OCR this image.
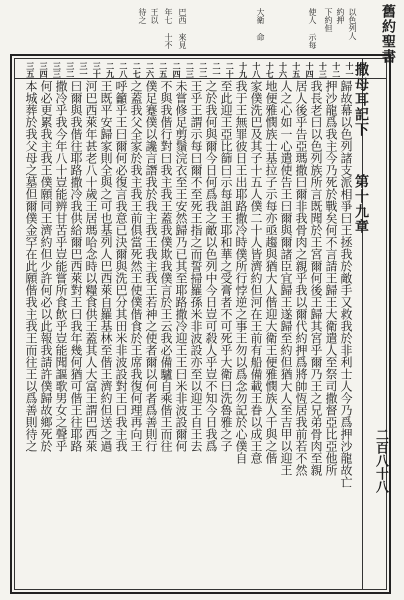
舊約聖書
撒母耳記下
第十九章
二百八十八
以色列人
約押
下約但
使人 示每
大衛 命
巴西 來見
年七 十不
王以
待之
十一
十二
十三
十四
十五
十六
十七
十八
十九
二十
二一
二二
二三
二四
二五
二六
二七
二八
二九
三十
三一
三二
三三
三四
三五
歸故幕以色列諸支派相爭曰王拯我於敵手又救我於非利士人今乃爲押沙龍故亡
押沙龍爲我主今乃死於戰矣何不言請王歸王大衛遣人至祭司撒督亞比亞他所
我長老曰以色列族所言既聞於王宮爾何後王歸其宮乎爾乃王之兄弟骨肉至親
居人後乎告亞瑪撒曰爾非我骨肉之親乎我以爾代約押爲將帥恆居我前若不然
人之心如一心遣使告王曰爾與爾諸臣宜歸王遂歸至約但猶大人至吉甲以迎王
地便雅憫族士基拉子示每亦亟趨與猶大人偕迎大衛王便雅憫族人千與之偕
家僕洗巴及其子十五人僕二十人皆濟約但河在王前有船備載王眷以成王意
我于王無罪彼日王出耶路撒冷時僕所行悖逆之事王勿以爲念勿記於心僕自
至此迎王亞比篩曰示每詛王耶和華之受膏者不可死乎大衛曰洗魯雅之子
之於我何與爾今日何爲我之敵以色列中今日豈可殺人乎豈不知今日我爲
王乎王謂示每曰爾不至死王指之而誓掃羅孫米非波設亦至以迎王自王去
未嘗修足剪鬚浣衣至王安然歸乃已其至耶路撒冷迎王王曰米非波設爾何
不與我偕行對曰我主我王蓋我僕欺我僕言於王云我必備驢自乘偕王而往
僕足蹇僕以讒言譖我於我主我王我主我王若神之使者爾以何者爲善則行
之蓋我父全家於我主我王前俱當死然王使僕偕食於王席我復何理再向王
呼籲乎王曰爾何必復言我意已決爾與洗巴分其田米非波設對王曰我主我
王既平安歸家則全與之可也基列人巴西萊自羅基林至偕王濟約但送之過
河巴西萊年甚老八十歲王居瑪哈念時以糧食供王蓋其人大富王謂巴西萊
曰爾與我偕往耶路撒冷我供給爾巴西萊對王曰我年幾何猶可偕王往耶路
撒冷乎我今年八十豈能辨甘苦乎豈能嘗所食飲乎豈能聞謳歌男女之聲乎
何必更累我主我王僕願同王濟約但少許何必以此報我請許僕歸故鄉死於
本城葬於我父母之墓但爾僕金罕在此願偕我主我王而往王以爲善則待之
